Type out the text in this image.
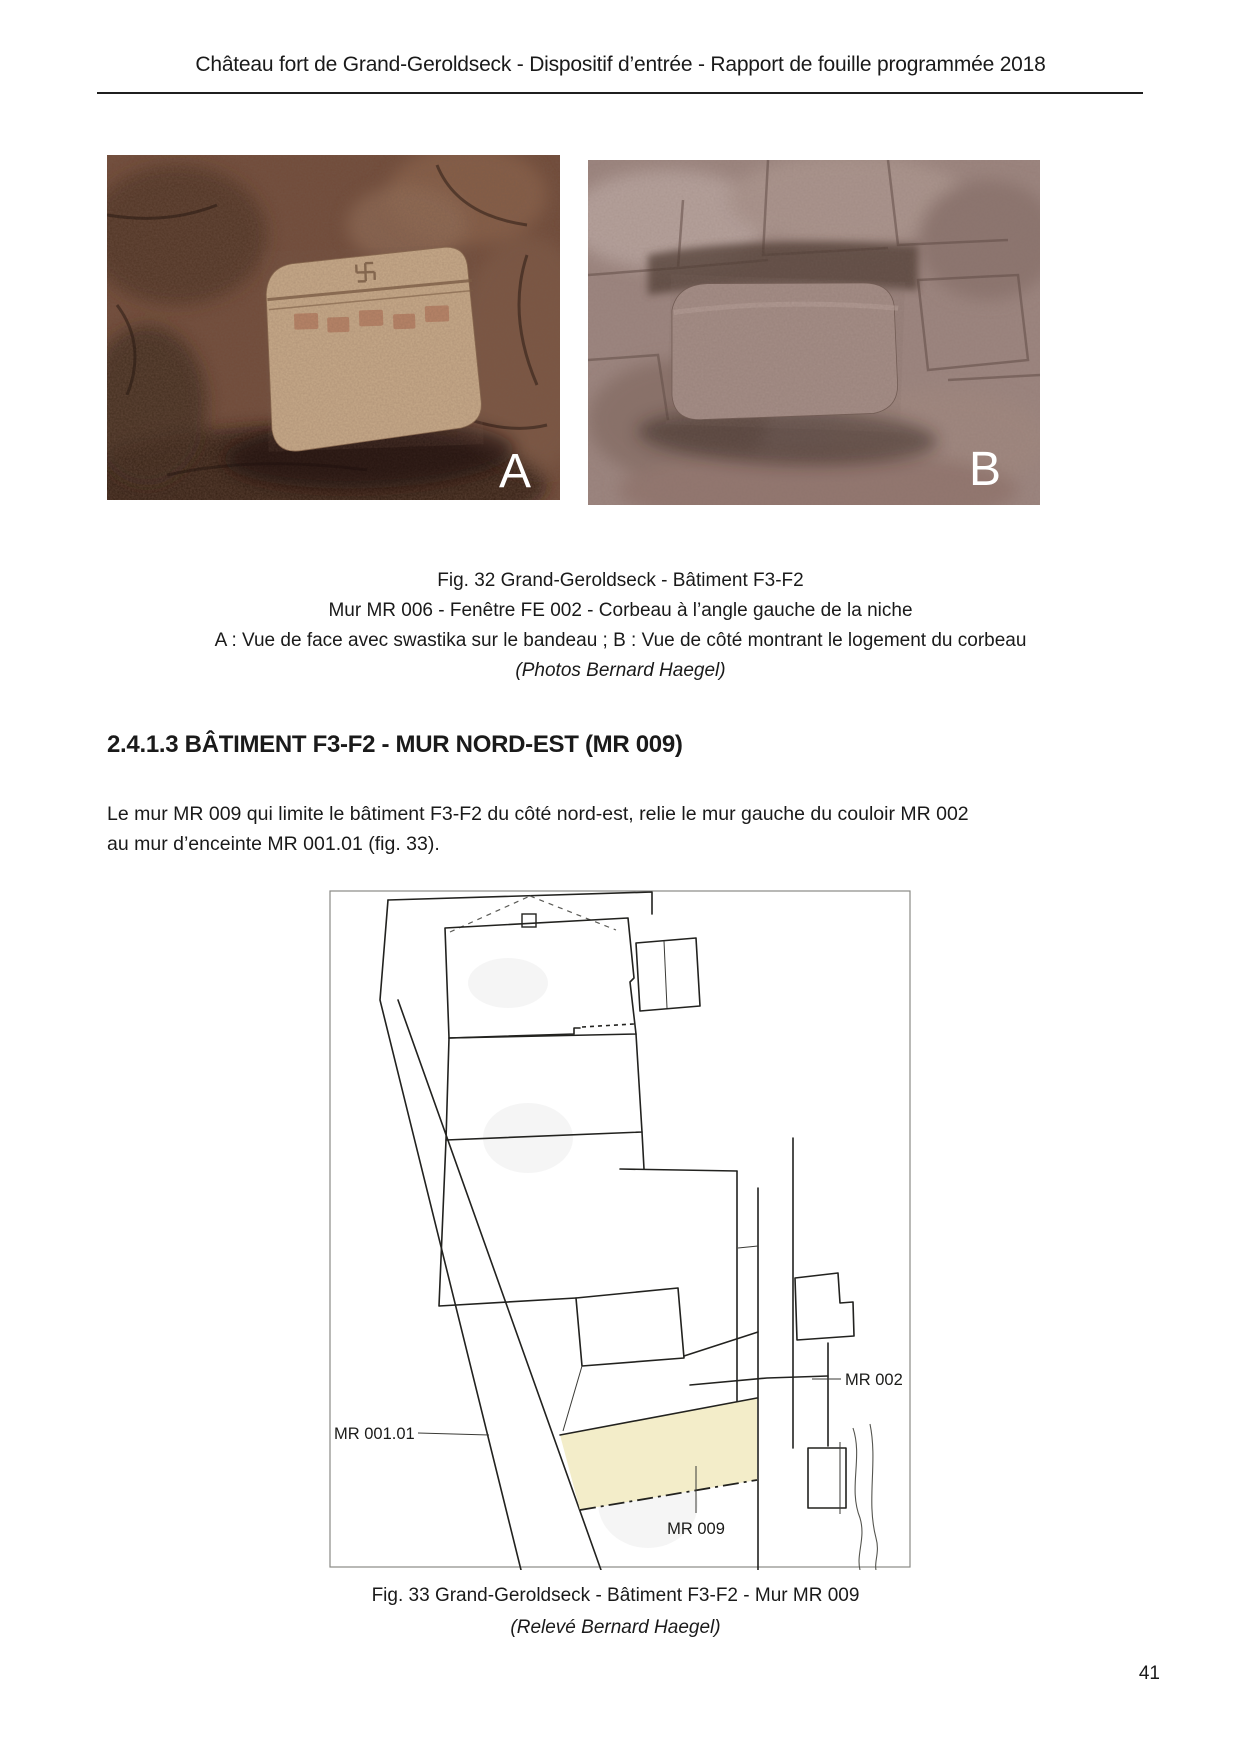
Château fort de Grand-Geroldseck - Dispositif d’entrée - Rapport de fouille programmée 2018
A	B
Fig. 32 Grand-Geroldseck - Bâtiment F3-F2
Mur MR 006 - Fenêtre FE 002 - Corbeau à l’angle gauche de la niche
A : Vue de face avec swastika sur le bandeau ; B : Vue de côté montrant le logement du corbeau
(Photos Bernard Haegel)
2.4.1.3 BÂTIMENT F3-F2 - MUR NORD-EST (MR 009)
Le mur MR 009 qui limite le bâtiment F3-F2 du côté nord-est, relie le mur gauche du couloir MR 002
au mur d’enceinte MR 001.01 (fig. 33).
MR 002
MR 001.01
MR 009
Fig. 33 Grand-Geroldseck - Bâtiment F3-F2 - Mur MR 009
(Relevé Bernard Haegel)
41
